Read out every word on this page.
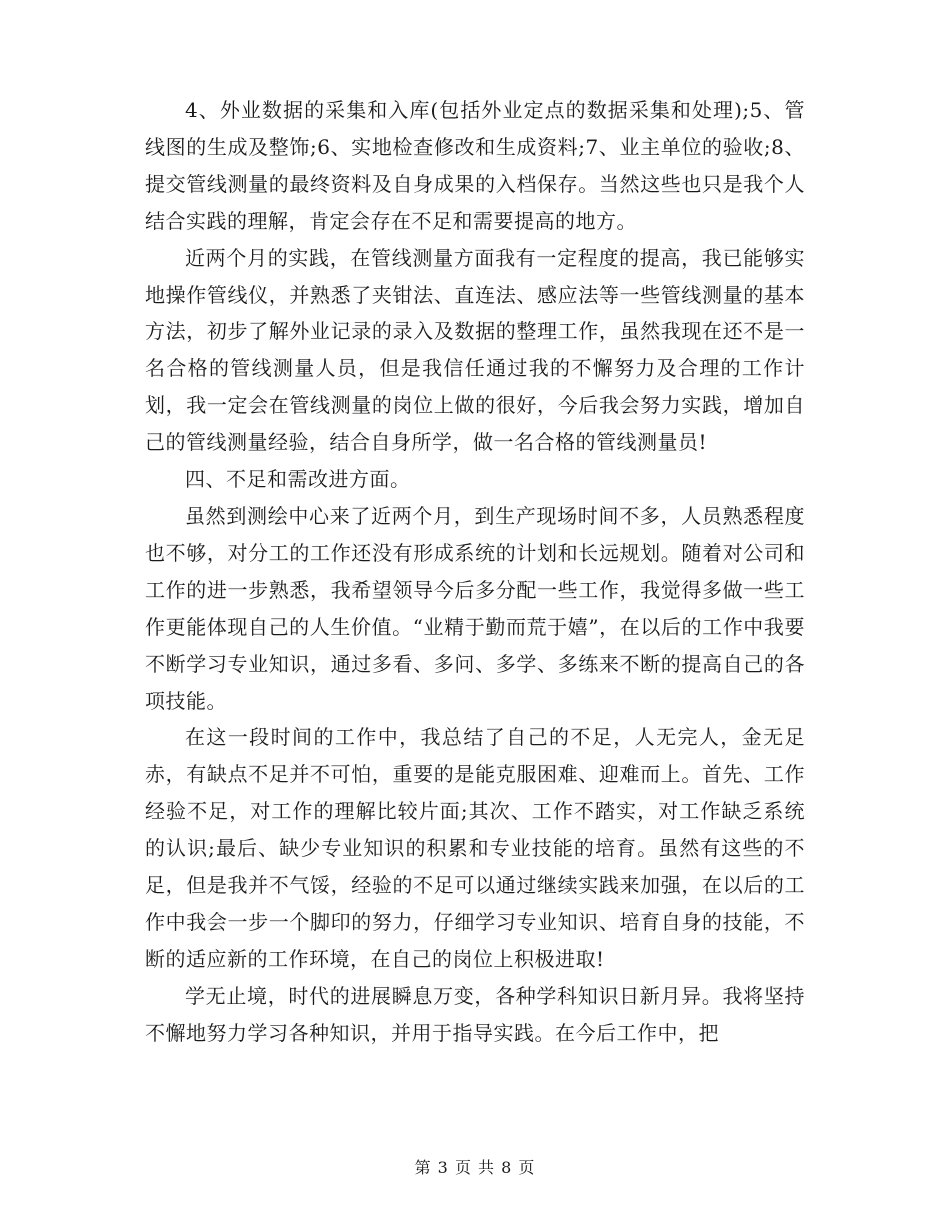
4、外业数据的采集和入库(包括外业定点的数据采集和处理);5、管线图的生成及整饰;6、实地检查修改和生成资料;7、业主单位的验收;8、提交管线测量的最终资料及自身成果的入档保存。当然这些也只是我个人结合实践的理解，肯定会存在不足和需要提高的地方。

近两个月的实践，在管线测量方面我有一定程度的提高，我已能够实地操作管线仪，并熟悉了夹钳法、直连法、感应法等一些管线测量的基本方法，初步了解外业记录的录入及数据的整理工作，虽然我现在还不是一名合格的管线测量人员，但是我信任通过我的不懈努力及合理的工作计划，我一定会在管线测量的岗位上做的很好，今后我会努力实践，增加自己的管线测量经验，结合自身所学，做一名合格的管线测量员!

四、不足和需改进方面。

虽然到测绘中心来了近两个月，到生产现场时间不多，人员熟悉程度也不够，对分工的工作还没有形成系统的计划和长远规划。随着对公司和工作的进一步熟悉，我希望领导今后多分配一些工作，我觉得多做一些工作更能体现自己的人生价值。“业精于勤而荒于嬉”，在以后的工作中我要不断学习专业知识，通过多看、多问、多学、多练来不断的提高自己的各项技能。

在这一段时间的工作中，我总结了自己的不足，人无完人，金无足赤，有缺点不足并不可怕，重要的是能克服困难、迎难而上。首先、工作经验不足，对工作的理解比较片面;其次、工作不踏实，对工作缺乏系统的认识;最后、缺少专业知识的积累和专业技能的培育。虽然有这些的不足，但是我并不气馁，经验的不足可以通过继续实践来加强，在以后的工作中我会一步一个脚印的努力，仔细学习专业知识、培育自身的技能，不断的适应新的工作环境，在自己的岗位上积极进取!

学无止境，时代的进展瞬息万变，各种学科知识日新月异。我将坚持不懈地努力学习各种知识，并用于指导实践。在今后工作中，把

第 3 页 共 8 页
